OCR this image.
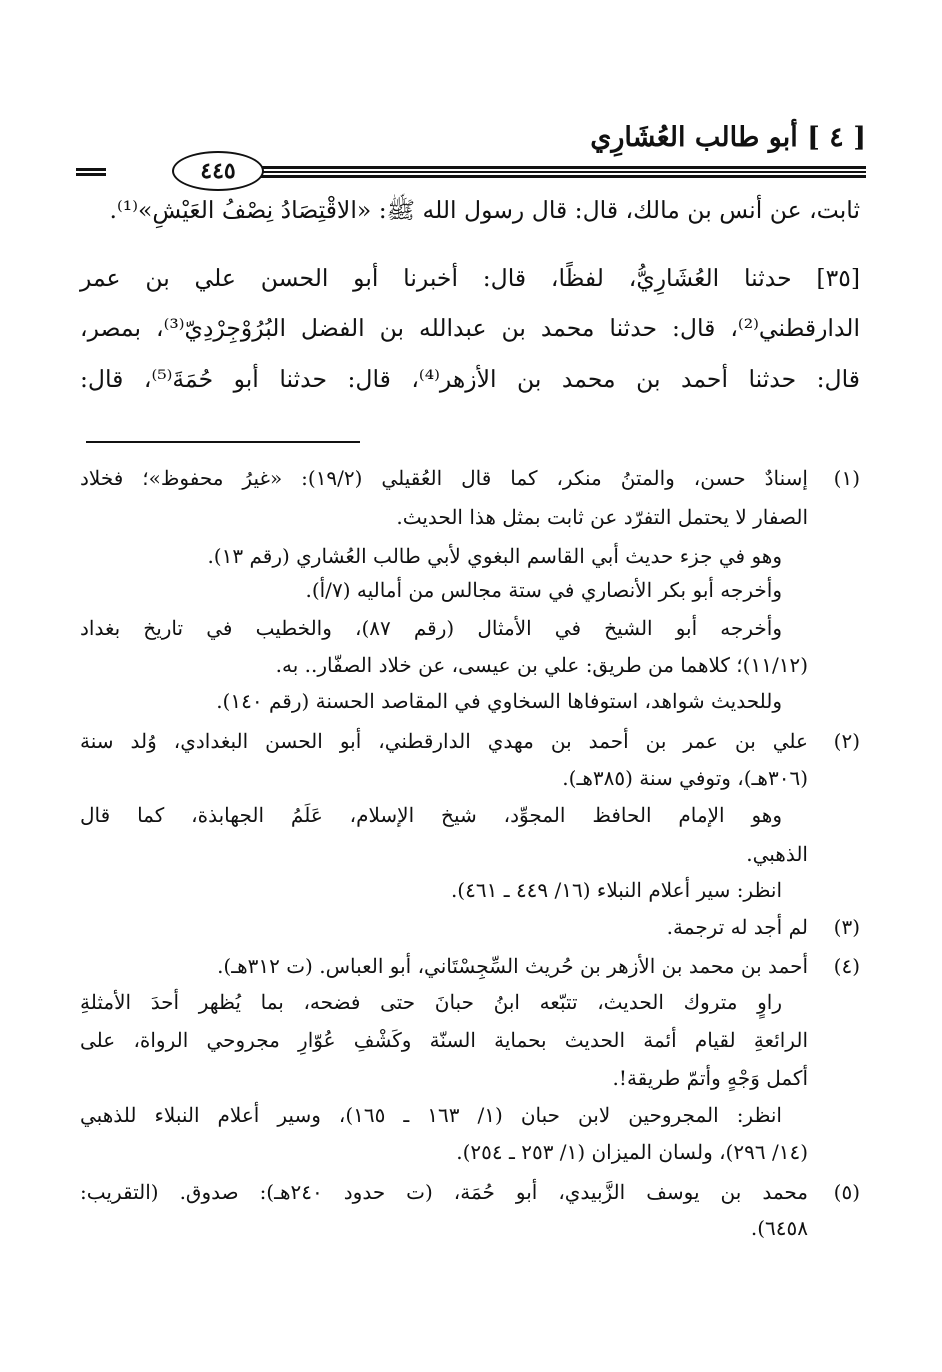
[ ٤ ] أبو طالب العُشَارِي
٤٤٥
ثابت، عن أنس بن مالك، قال: قال رسول الله ﷺ: «الاقْتِصَادُ نِصْفُ العَيْشِ»⁽¹⁾.
[٣٥] حدثنا العُشَارِيُّ، لفظًا، قال: أخبرنا أبو الحسن علي بن عمر
الدارقطني⁽²⁾، قال: حدثنا محمد بن عبدالله بن الفضل البُرُوْجِرْدِيّ⁽³⁾، بمصر،
قال: حدثنا أحمد بن محمد بن الأزهر⁽⁴⁾، قال: حدثنا أبو حُمَةَ⁽⁵⁾، قال:
(١)
إسنادٌ حسن، والمتنُ منكر، كما قال العُقيلي (١٩/٢): «غيرُ محفوظ»؛ فخلاد
الصفار لا يحتمل التفرّد عن ثابت بمثل هذا الحديث.
وهو في جزء حديث أبي القاسم البغوي لأبي طالب العُشاري (رقم ١٣).
وأخرجه أبو بكر الأنصاري في ستة مجالس من أماليه (٧/أ).
وأخرجه أبو الشيخ في الأمثال (رقم ٨٧)، والخطيب في تاريخ بغداد
(١١/١٢)؛ كلاهما من طريق: علي بن عيسى، عن خلاد الصفّار.. به.
وللحديث شواهد، استوفاها السخاوي في المقاصد الحسنة (رقم ١٤٠).
(٢)
علي بن عمر بن أحمد بن مهدي الدارقطني، أبو الحسن البغدادي، وُلد سنة
(٣٠٦هـ)، وتوفي سنة (٣٨٥هـ).
وهو الإمام الحافظ المجوِّد، شيخ الإسلام، عَلَمُ الجهابذة، كما قال
الذهبي.
انظر: سير أعلام النبلاء (١٦/ ٤٤٩ ـ ٤٦١).
(٣)
لم أجد له ترجمة.
(٤)
أحمد بن محمد بن الأزهر بن حُريث السِّجِسْتَاني، أبو العباس. (ت ٣١٢هـ).
راوٍ متروك الحديث، تتبّعه ابنُ حبانَ حتى فضحه، بما يُظهر أحدَ الأمثلةِ
الرائعةِ لقيام أئمة الحديث بحماية السنّة وكَشْفِ عُوّارِ مجروحي الرواة، على
أكمل وَجْهٍ وأتمّ طريقة!.
انظر: المجروحين لابن حبان (١/ ١٦٣ ـ ١٦٥)، وسير أعلام النبلاء للذهبي
(١٤/ ٢٩٦)، ولسان الميزان (١/ ٢٥٣ ـ ٢٥٤).
(٥)
محمد بن يوسف الزَّبيدي، أبو حُمَة، (ت حدود ٢٤٠هـ): صدوق. (التقريب:
٦٤٥٨).
